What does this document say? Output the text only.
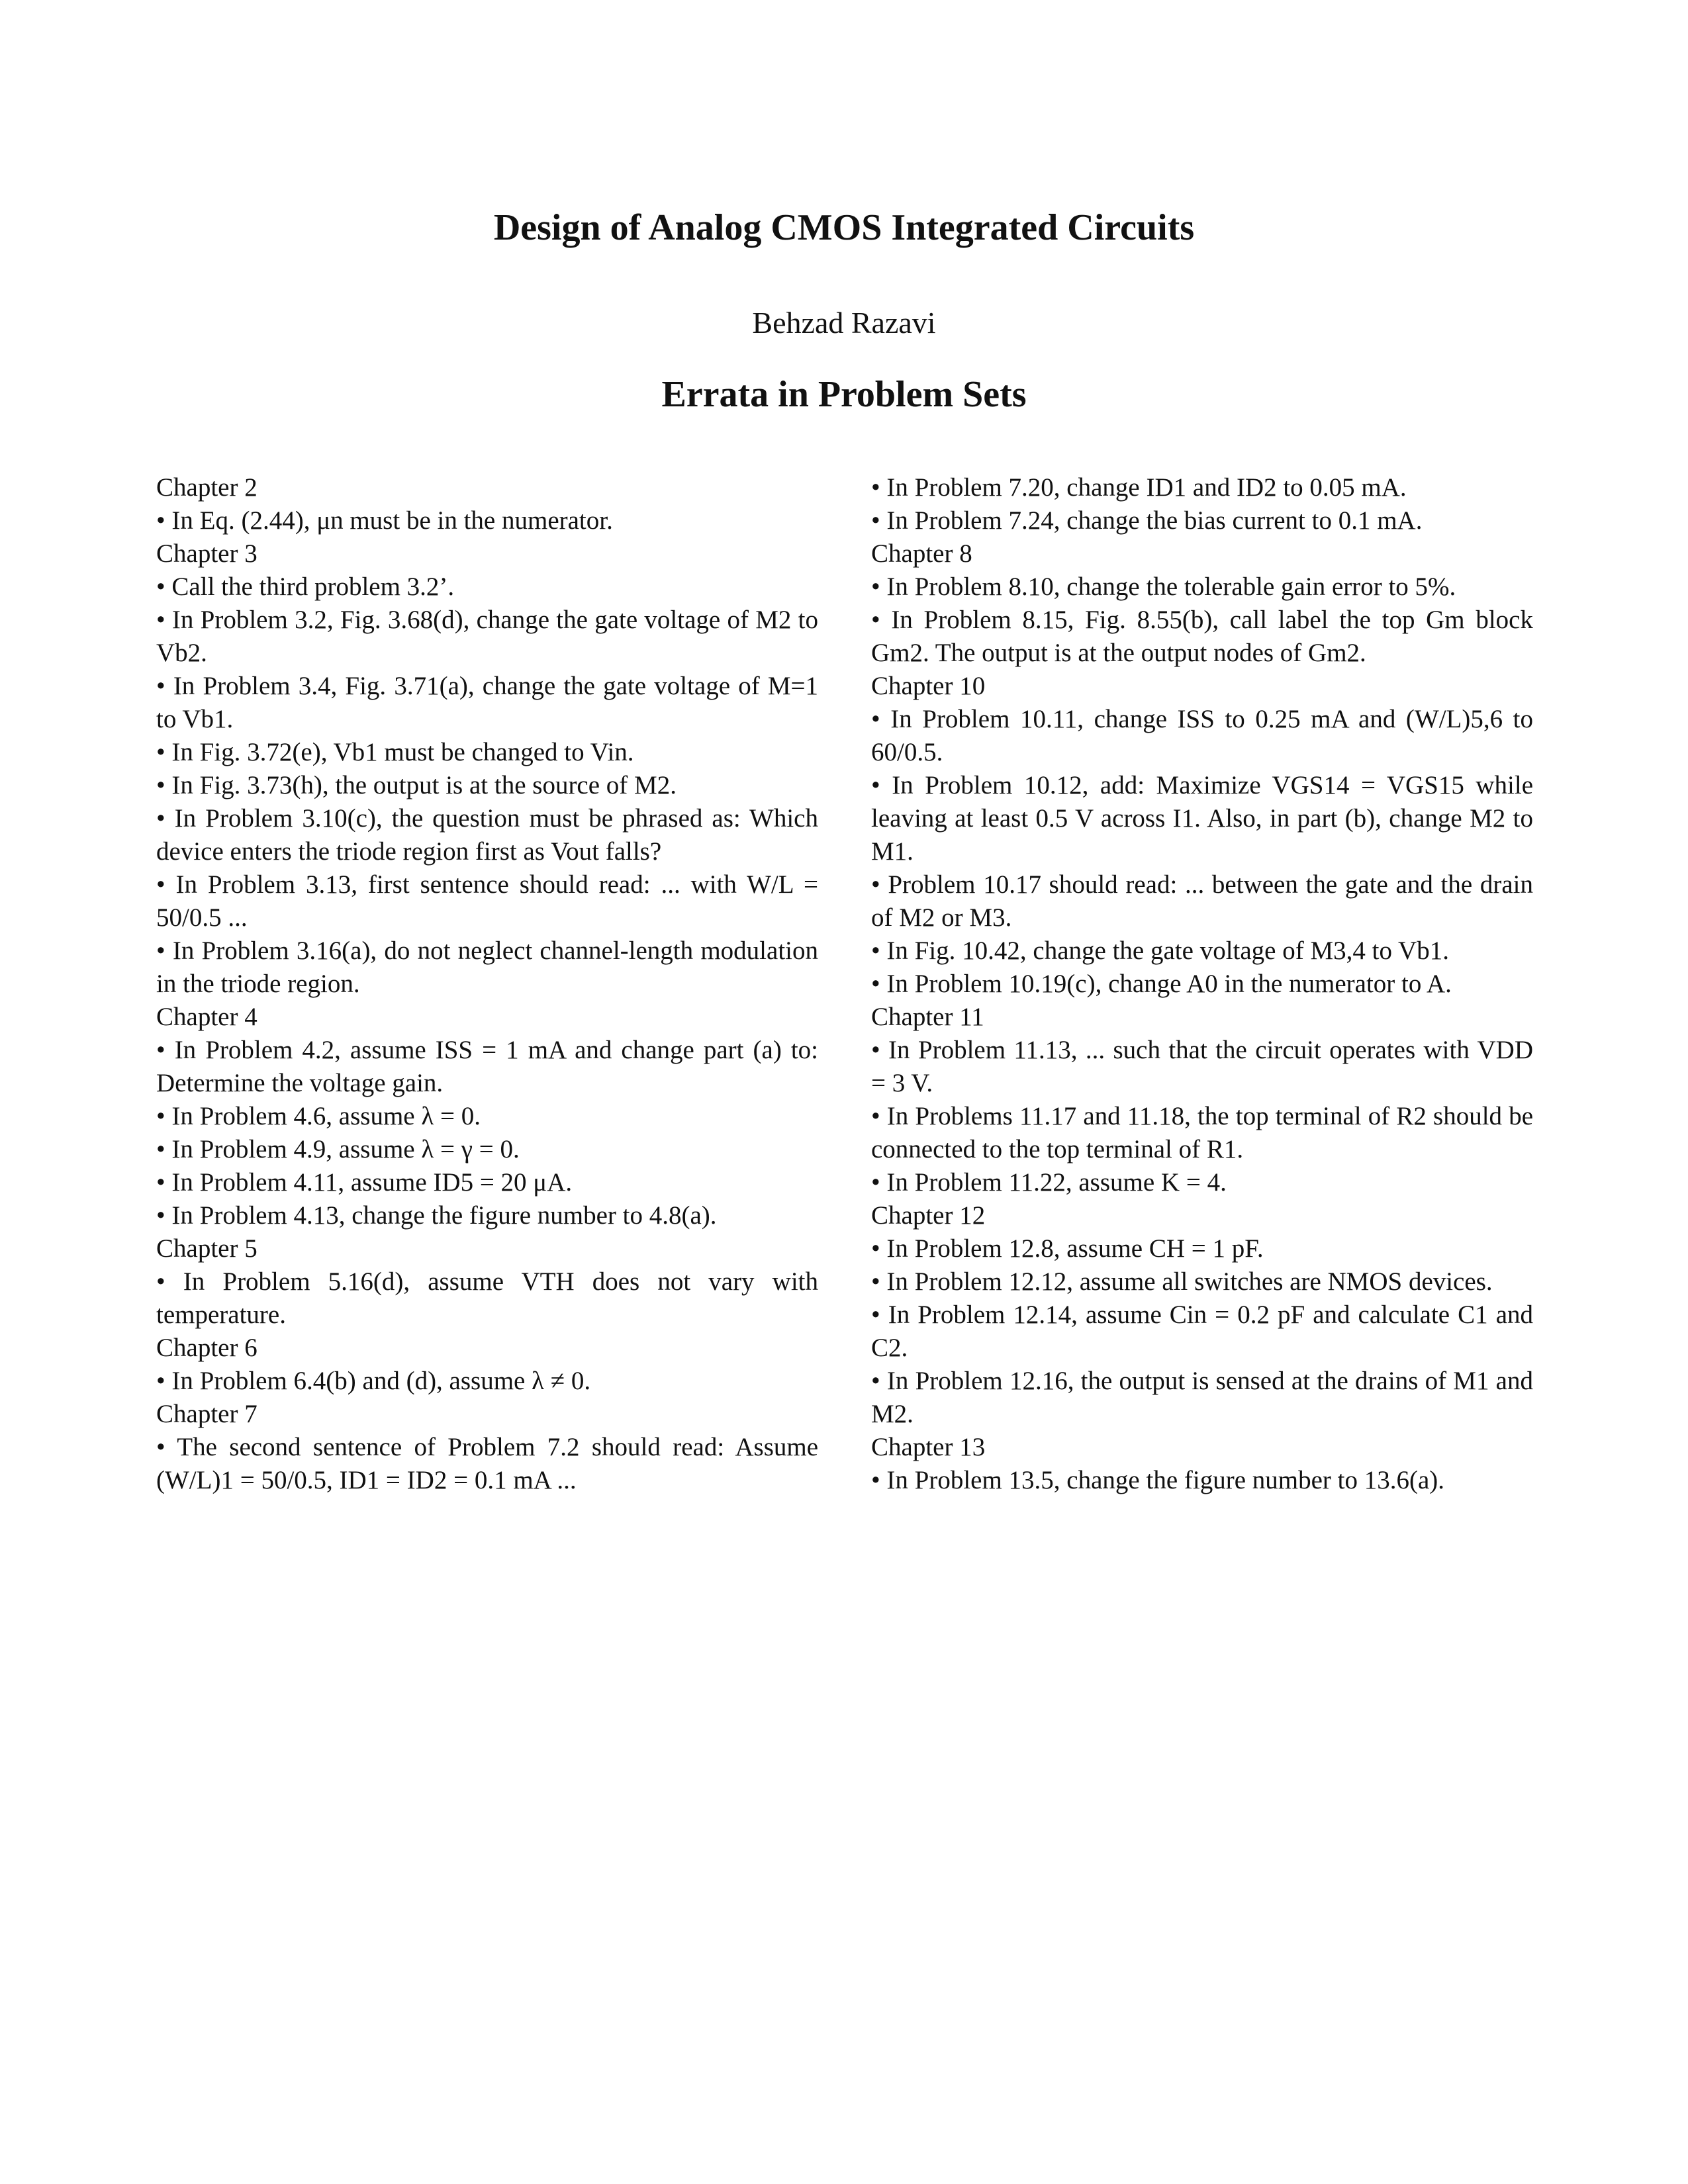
Design of Analog CMOS Integrated Circuits
Behzad Razavi
Errata in Problem Sets
Chapter 2
• In Eq. (2.44), μn must be in the numerator.
Chapter 3
• Call the third problem 3.2’.
• In Problem 3.2, Fig. 3.68(d), change the gate voltage of M2 to Vb2.
• In Problem 3.4, Fig. 3.71(a), change the gate voltage of M=1 to Vb1.
• In Fig. 3.72(e), Vb1 must be changed to Vin.
• In Fig. 3.73(h), the output is at the source of M2.
• In Problem 3.10(c), the question must be phrased as: Which device enters the triode region first as Vout falls?
• In Problem 3.13, first sentence should read: ... with W/L = 50/0.5 ...
• In Problem 3.16(a), do not neglect channel-length modulation in the triode region.
Chapter 4
• In Problem 4.2, assume ISS = 1 mA and change part (a) to: Determine the voltage gain.
• In Problem 4.6, assume λ = 0.
• In Problem 4.9, assume λ = γ = 0.
• In Problem 4.11, assume ID5 = 20 μA.
• In Problem 4.13, change the figure number to 4.8(a).
Chapter 5
• In Problem 5.16(d), assume VTH does not vary with temperature.
Chapter 6
• In Problem 6.4(b) and (d), assume λ ≠ 0.
Chapter 7
• The second sentence of Problem 7.2 should read: Assume (W/L)1 = 50/0.5, ID1 = ID2 = 0.1 mA ...
• In Problem 7.20, change ID1 and ID2 to 0.05 mA.
• In Problem 7.24, change the bias current to 0.1 mA.
Chapter 8
• In Problem 8.10, change the tolerable gain error to 5%.
• In Problem 8.15, Fig. 8.55(b), call label the top Gm block Gm2. The output is at the output nodes of Gm2.
Chapter 10
• In Problem 10.11, change ISS to 0.25 mA and (W/L)5,6 to 60/0.5.
• In Problem 10.12, add: Maximize VGS14 = VGS15 while leaving at least 0.5 V across I1. Also, in part (b), change M2 to M1.
• Problem 10.17 should read: ... between the gate and the drain of M2 or M3.
• In Fig. 10.42, change the gate voltage of M3,4 to Vb1.
• In Problem 10.19(c), change A0 in the numerator to A.
Chapter 11
• In Problem 11.13, ... such that the circuit operates with VDD = 3 V.
• In Problems 11.17 and 11.18, the top terminal of R2 should be connected to the top terminal of R1.
• In Problem 11.22, assume K = 4.
Chapter 12
• In Problem 12.8, assume CH = 1 pF.
• In Problem 12.12, assume all switches are NMOS devices.
• In Problem 12.14, assume Cin = 0.2 pF and calculate C1 and C2.
• In Problem 12.16, the output is sensed at the drains of M1 and M2.
Chapter 13
• In Problem 13.5, change the figure number to 13.6(a).
